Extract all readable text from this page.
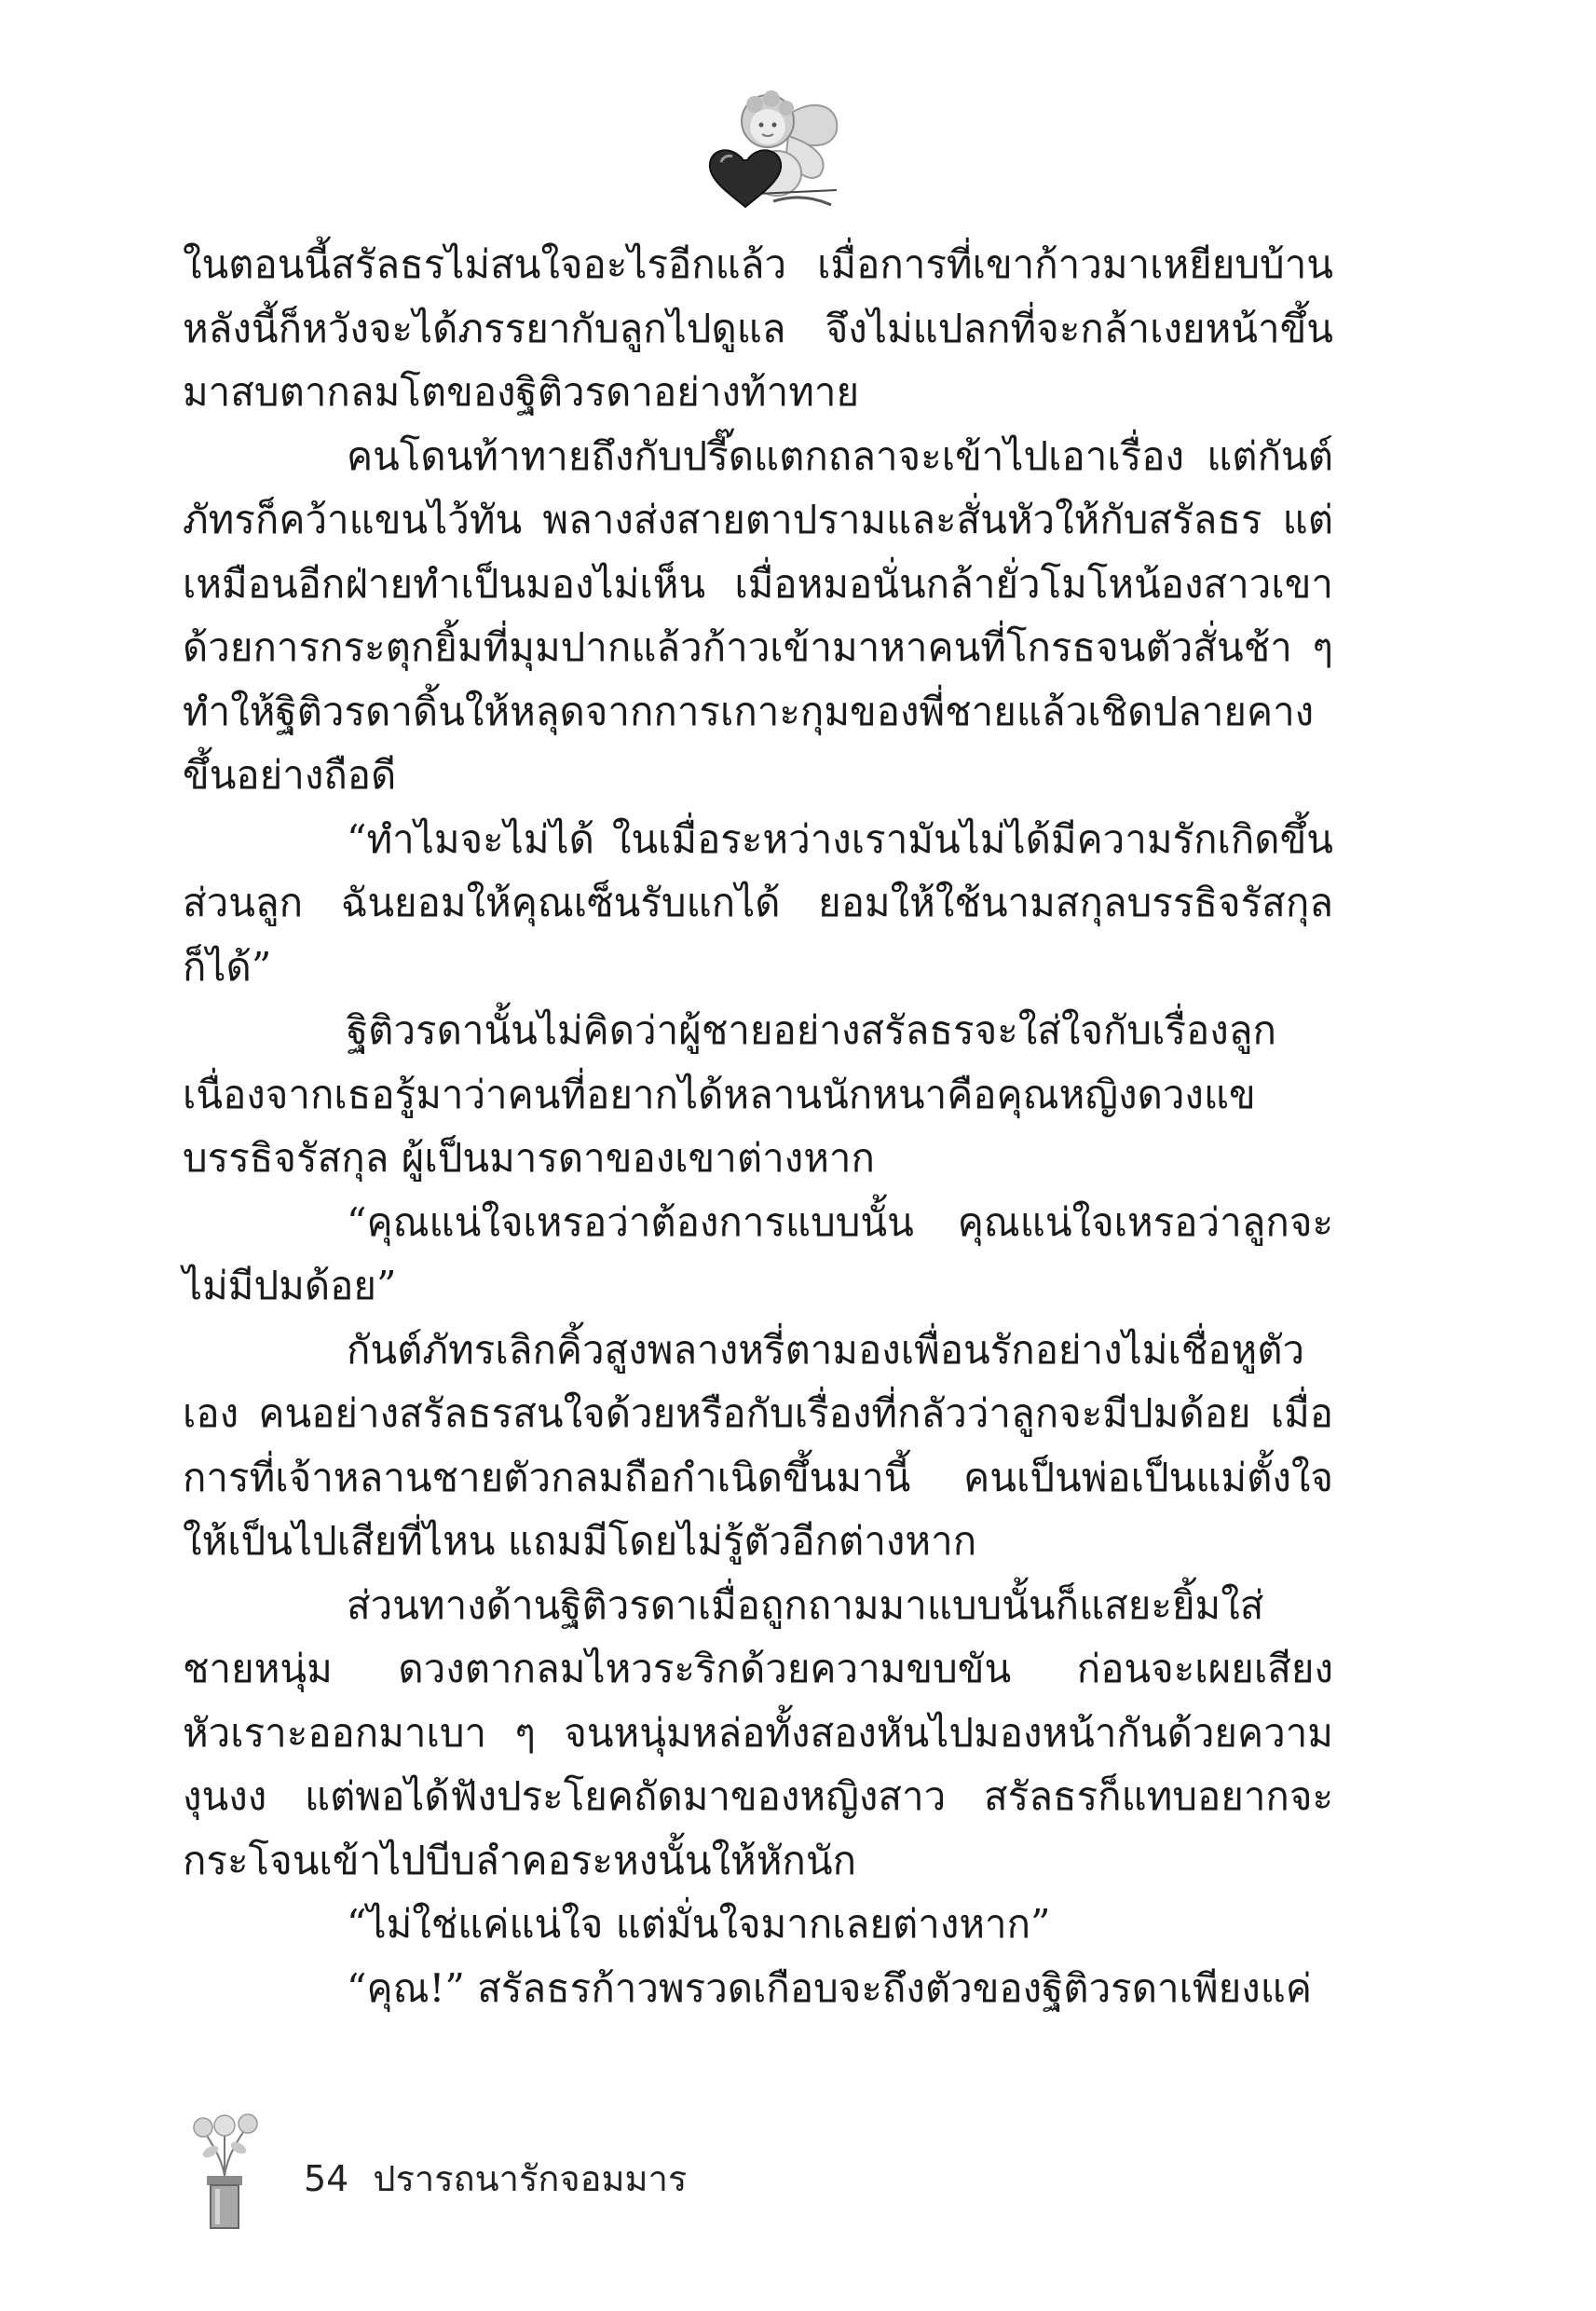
ในตอนนี้สรัลธรไม่สนใจอะไรอีกแล้ว เมื่อการที่เขาก้าวมาเหยียบบ้านหลังนี้ก็หวังจะได้ภรรยากับลูกไปดูแล จึงไม่แปลกที่จะกล้าเงยหน้าขึ้นมาสบตากลมโตของฐิติวรดาอย่างท้าทาย

คนโดนท้าทายถึงกับปรี๊ดแตกถลาจะเข้าไปเอาเรื่อง แต่กันต์ภัทรก็คว้าแขนไว้ทัน พลางส่งสายตาปรามและสั่นหัวให้กับสรัลธร แต่เหมือนอีกฝ่ายทำเป็นมองไม่เห็น เมื่อหมอนั่นกล้ายั่วโมโหน้องสาวเขาด้วยการกระตุกยิ้มที่มุมปากแล้วก้าวเข้ามาหาคนที่โกรธจนตัวสั่นช้า ๆ ทำให้ฐิติวรดาดิ้นให้หลุดจากการเกาะกุมของพี่ชายแล้วเชิดปลายคางขึ้นอย่างถือดี

“ทำไมจะไม่ได้ ในเมื่อระหว่างเรามันไม่ได้มีความรักเกิดขึ้น ส่วนลูก ฉันยอมให้คุณเซ็นรับแกได้ ยอมให้ใช้นามสกุลบรรธิจรัสกุล ก็ได้”

ฐิติวรดานั้นไม่คิดว่าผู้ชายอย่างสรัลธรจะใส่ใจกับเรื่องลูก เนื่องจากเธอรู้มาว่าคนที่อยากได้หลานนักหนาคือคุณหญิงดวงแข บรรธิจรัสกุล ผู้เป็นมารดาของเขาต่างหาก

“คุณแน่ใจเหรอว่าต้องการแบบนั้น คุณแน่ใจเหรอว่าลูกจะไม่มีปมด้อย”

กันต์ภัทรเลิกคิ้วสูงพลางหรี่ตามองเพื่อนรักอย่างไม่เชื่อหูตัวเอง คนอย่างสรัลธรสนใจด้วยหรือกับเรื่องที่กลัวว่าลูกจะมีปมด้อย เมื่อการที่เจ้าหลานชายตัวกลมถือกำเนิดขึ้นมานี้ คนเป็นพ่อเป็นแม่ตั้งใจให้เป็นไปเสียที่ไหน แถมมีโดยไม่รู้ตัวอีกต่างหาก

ส่วนทางด้านฐิติวรดาเมื่อถูกถามมาแบบนั้นก็แสยะยิ้มใส่ชายหนุ่ม ดวงตากลมไหวระริกด้วยความขบขัน ก่อนจะเผยเสียงหัวเราะออกมาเบา ๆ จนหนุ่มหล่อทั้งสองหันไปมองหน้ากันด้วยความงุนงง แต่พอได้ฟังประโยคถัดมาของหญิงสาว สรัลธรก็แทบอยากจะกระโจนเข้าไปบีบลำคอระหงนั้นให้หักนัก

“ไม่ใช่แค่แน่ใจ แต่มั่นใจมากเลยต่างหาก”

“คุณ!” สรัลธรก้าวพรวดเกือบจะถึงตัวของฐิติวรดาเพียงแค่

54 ปรารถนารักจอมมาร
